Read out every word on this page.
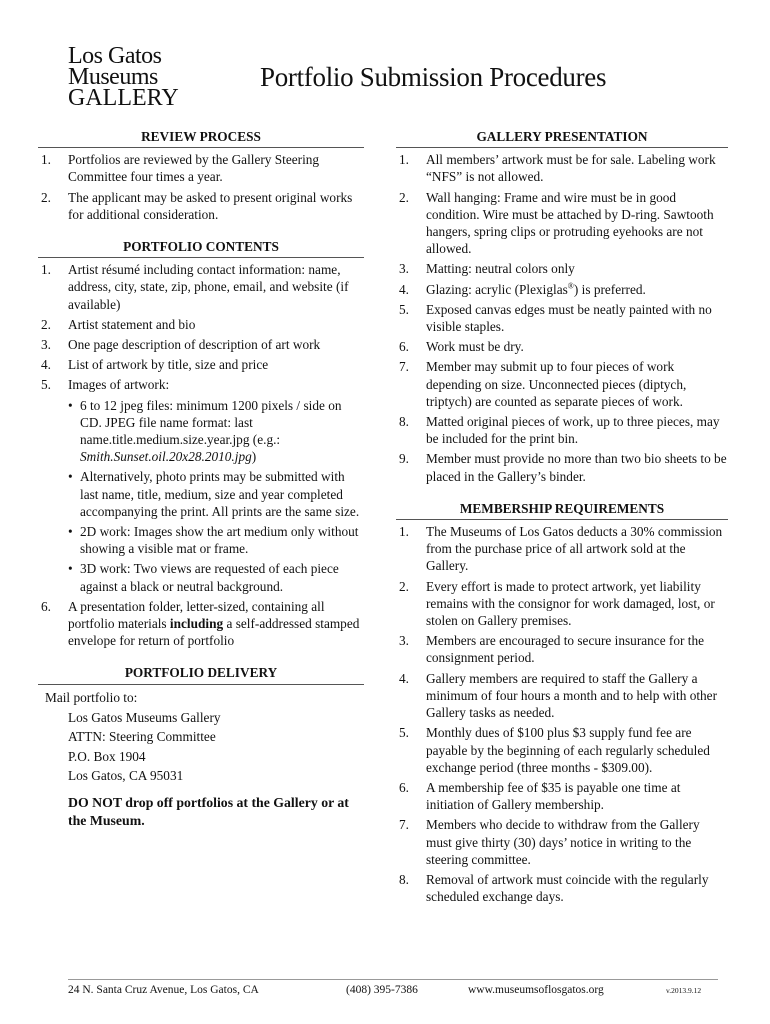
Los Gatos
Museums
GALLERY
Portfolio Submission Procedures
REVIEW PROCESS
1. Portfolios are reviewed by the Gallery Steering Committee four times a year.
2. The applicant may be asked to present original works for additional consideration.
PORTFOLIO CONTENTS
1. Artist résumé including contact information: name, address, city, state, zip, phone, email, and website (if available)
2. Artist statement and bio
3. One page description of description of art work
4. List of artwork by title, size and price
5. Images of artwork:
• 6 to 12 jpeg files: minimum 1200 pixels / side on CD. JPEG file name format: last name.title.medium.size.year.jpg (e.g.: Smith.Sunset.oil.20x28.2010.jpg)
• Alternatively, photo prints may be submitted with last name, title, medium, size and year completed accompanying the print. All prints are the same size.
• 2D work: Images show the art medium only without showing a visible mat or frame.
• 3D work: Two views are requested of each piece against a black or neutral background.
6. A presentation folder, letter-sized, containing all portfolio materials including a self-addressed stamped envelope for return of portfolio
PORTFOLIO DELIVERY
Mail portfolio to:
Los Gatos Museums Gallery
ATTN: Steering Committee
P.O. Box 1904
Los Gatos, CA 95031
DO NOT drop off portfolios at the Gallery or at the Museum.
GALLERY PRESENTATION
1. All members’ artwork must be for sale. Labeling work “NFS” is not allowed.
2. Wall hanging: Frame and wire must be in good condition. Wire must be attached by D-ring. Sawtooth hangers, spring clips or protruding eyehooks are not allowed.
3. Matting: neutral colors only
4. Glazing: acrylic (Plexiglas®) is preferred.
5. Exposed canvas edges must be neatly painted with no visible staples.
6. Work must be dry.
7. Member may submit up to four pieces of work depending on size. Unconnected pieces (diptych, triptych) are counted as separate pieces of work.
8. Matted original pieces of work, up to three pieces, may be included for the print bin.
9. Member must provide no more than two bio sheets to be placed in the Gallery’s binder.
MEMBERSHIP REQUIREMENTS
1. The Museums of Los Gatos deducts a 30% commission from the purchase price of all artwork sold at the Gallery.
2. Every effort is made to protect artwork, yet liability remains with the consignor for work damaged, lost, or stolen on Gallery premises.
3. Members are encouraged to secure insurance for the consignment period.
4. Gallery members are required to staff the Gallery a minimum of four hours a month and to help with other Gallery tasks as needed.
5. Monthly dues of $100 plus $3 supply fund fee are payable by the beginning of each regularly scheduled exchange period (three months - $309.00).
6. A membership fee of $35 is payable one time at initiation of Gallery membership.
7. Members who decide to withdraw from the Gallery must give thirty (30) days’ notice in writing to the steering committee.
8. Removal of artwork must coincide with the regularly scheduled exchange days.
24 N. Santa Cruz Avenue, Los Gatos, CA	(408) 395-7386	www.museumsoflosgatos.org	v.2013.9.12
